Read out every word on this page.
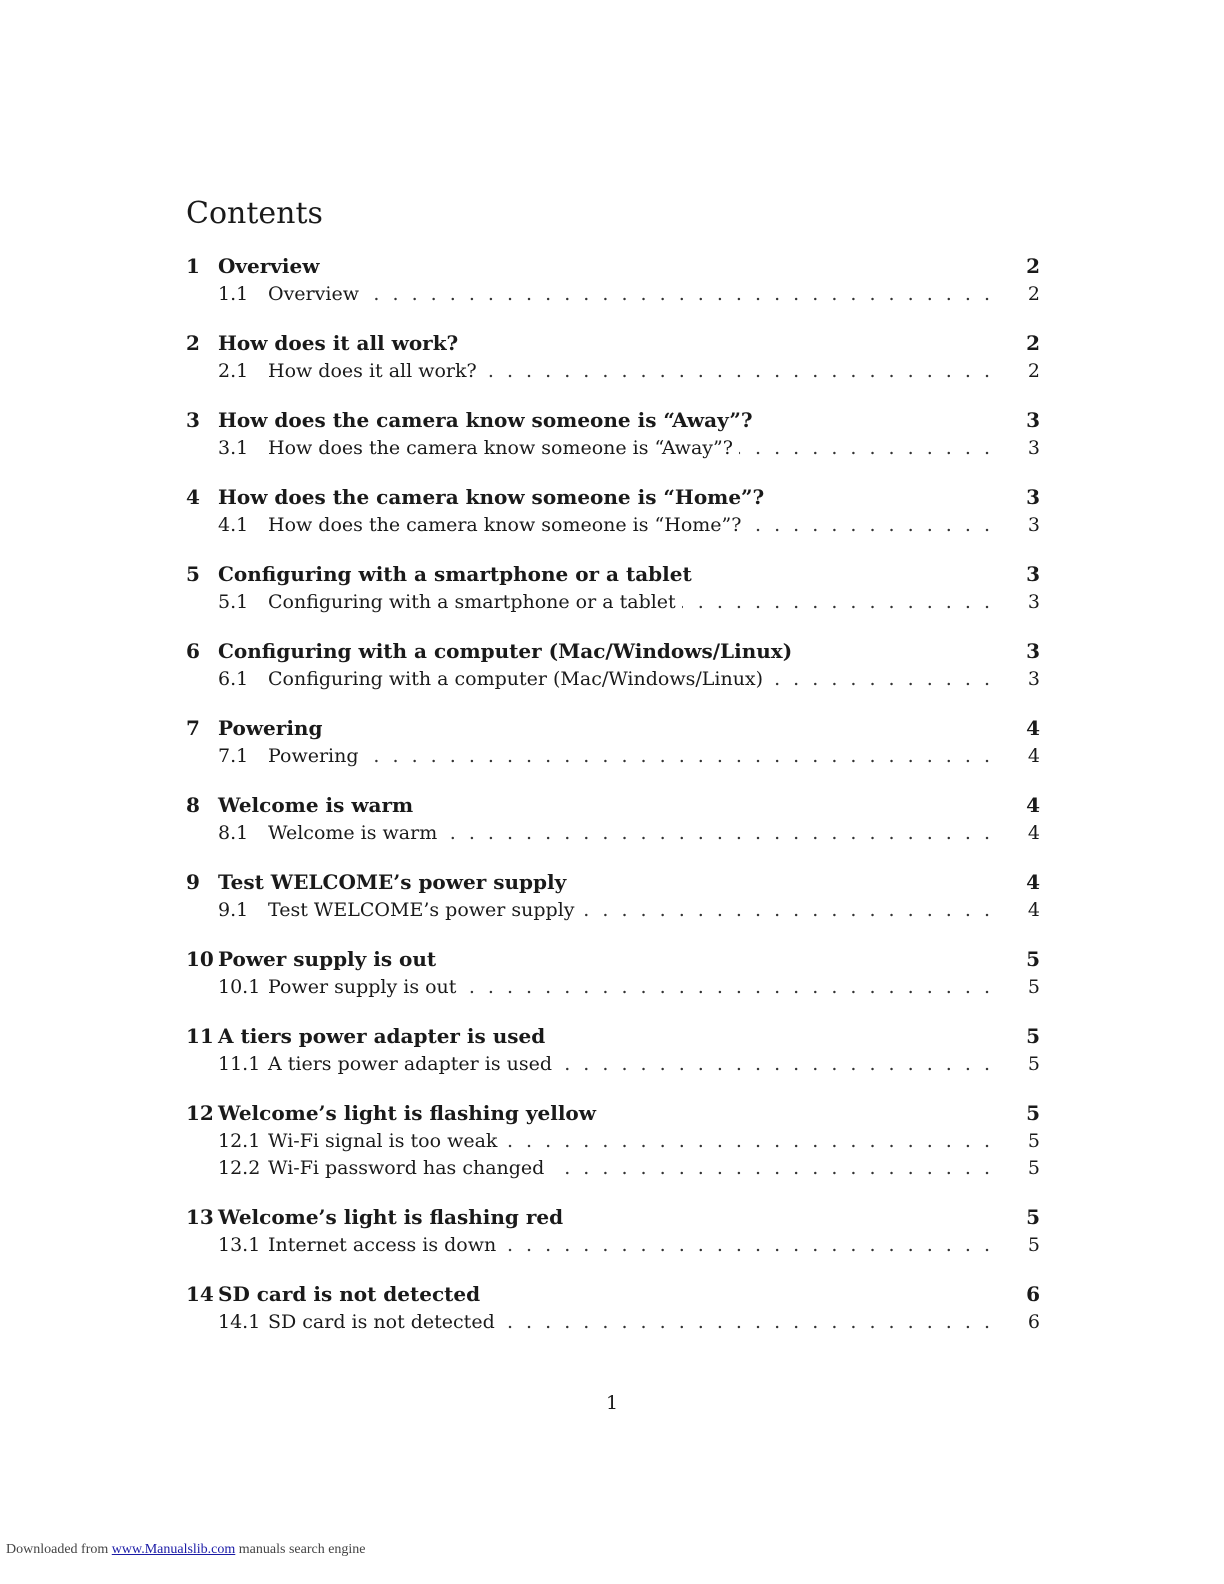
Contents
1 Overview	2
1.1	Overview . . .	2
2 How does it all work?	2
2.1	How does it all work? . . .	2
3 How does the camera know someone is “Away”?	3
3.1	How does the camera know someone is “Away”? . . .	3
4 How does the camera know someone is “Home”?	3
4.1	How does the camera know someone is “Home”? . . .	3
5 Configuring with a smartphone or a tablet	3
5.1	Configuring with a smartphone or a tablet . . .	3
6 Configuring with a computer (Mac/Windows/Linux)	3
6.1	Configuring with a computer (Mac/Windows/Linux) . . .	3
7 Powering	4
7.1	Powering . . .	4
8 Welcome is warm	4
8.1	Welcome is warm . . .	4
9 Test WELCOME’s power supply	4
9.1	Test WELCOME’s power supply . . .	4
10 Power supply is out	5
10.1 Power supply is out . . .	5
11 A tiers power adapter is used	5
11.1 A tiers power adapter is used . . .	5
12 Welcome’s light is flashing yellow	5
12.1 Wi-Fi signal is too weak . . .	5
12.2 Wi-Fi password has changed . . .	5
13 Welcome’s light is flashing red	5
13.1 Internet access is down . . .	5
14 SD card is not detected	6
14.1 SD card is not detected . . .	6
1
Downloaded from www.Manualslib.com manuals search engine
